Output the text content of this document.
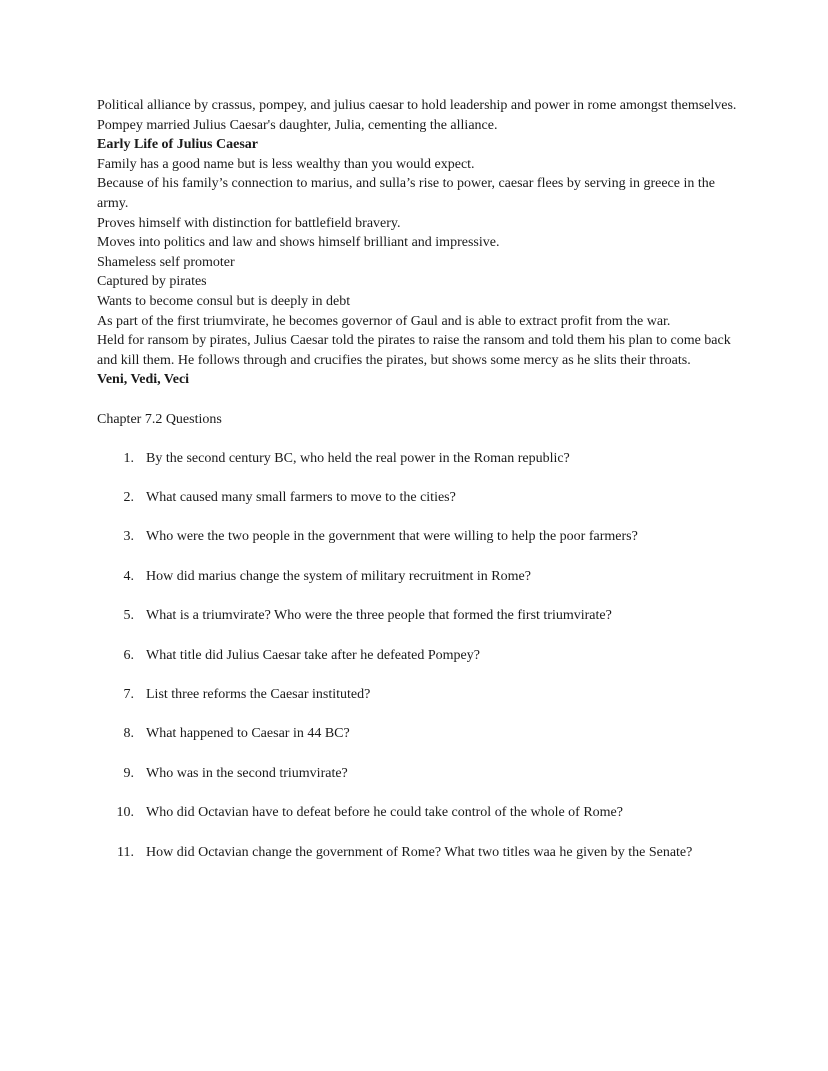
Political alliance by crassus, pompey, and julius caesar to hold leadership and power in rome amongst themselves.

Pompey married Julius Caesar's daughter, Julia, cementing the alliance.

Early Life of Julius Caesar

Family has a good name but is less wealthy than you would expect.

Because of his family’s connection to marius, and sulla’s rise to power, caesar flees by serving in greece in the army.

Proves himself with distinction for battlefield bravery.

Moves into politics and law and shows himself brilliant and impressive.

Shameless self promoter

Captured by pirates

Wants to become consul but is deeply in debt

As part of the first triumvirate, he becomes governor of Gaul and is able to extract profit from the war.

Held for ransom by pirates, Julius Caesar told the pirates to raise the ransom and told them his plan to come back and kill them. He follows through and crucifies the pirates, but shows some mercy as he slits their throats.

Veni, Vedi, Veci

Chapter 7.2 Questions

1. By the second century BC, who held the real power in the Roman republic?
2. What caused many small farmers to move to the cities?
3. Who were the two people in the government that were willing to help the poor farmers?
4. How did marius change the system of military recruitment in Rome?
5. What is a triumvirate? Who were the three people that formed the first triumvirate?
6. What title did Julius Caesar take after he defeated Pompey?
7. List three reforms the Caesar instituted?
8. What happened to Caesar in 44 BC?
9. Who was in the second triumvirate?
10. Who did Octavian have to defeat before he could take control of the whole of Rome?
11. How did Octavian change the government of Rome? What two titles waa he given by the Senate?
